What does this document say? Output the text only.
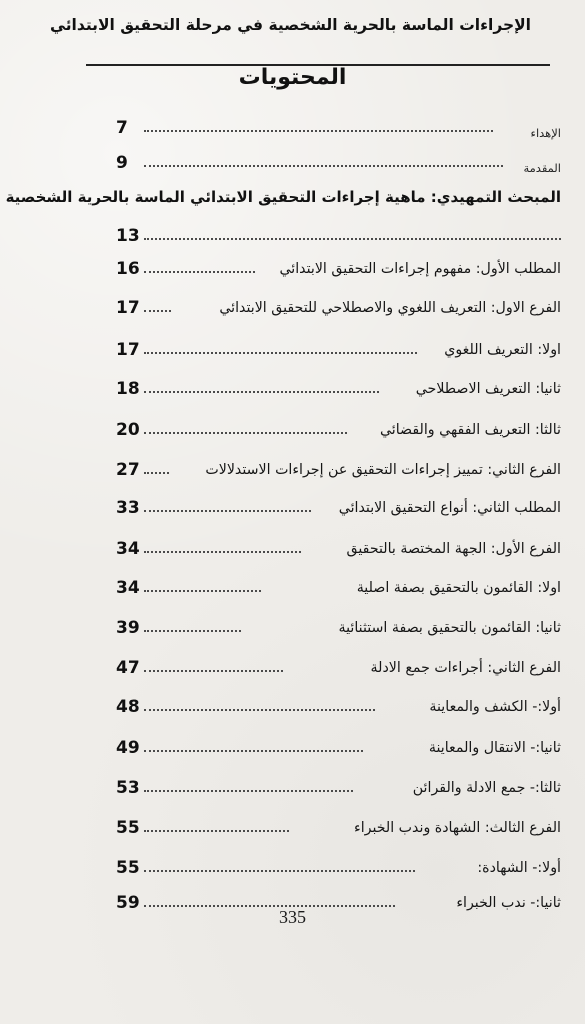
الإجراءات الماسة بالحرية الشخصية في مرحلة التحقيق الابتدائي
المحتويات
الإهداء
7
المقدمة
9
المبحث التمهيدي: ماهية إجراءات التحقيق الابتدائي الماسة بالحرية الشخصية
13
المطلب الأول: مفهوم إجراءات التحقيق الابتدائي
16
الفرع الاول: التعريف اللغوي والاصطلاحي للتحقيق الابتدائي
17
اولا: التعريف اللغوي
17
ثانيا: التعريف الاصطلاحي
18
ثالثا: التعريف الفقهي والقضائي
20
الفرع الثاني: تمييز إجراءات التحقيق عن إجراءات الاستدلالات
27
المطلب الثاني: أنواع التحقيق الابتدائي
33
الفرع الأول: الجهة المختصة بالتحقيق
34
اولا: القائمون بالتحقيق بصفة اصلية
34
ثانيا: القائمون بالتحقيق بصفة استثنائية
39
الفرع الثاني: أجراءات جمع الادلة
47
أولا:- الكشف والمعاينة
48
ثانيا:- الانتقال والمعاينة
49
ثالثا:- جمع الادلة والقرائن
53
الفرع الثالث: الشهادة وندب الخبراء
55
أولا:- الشهادة:
55
ثانيا:- ندب الخبراء
59
335
